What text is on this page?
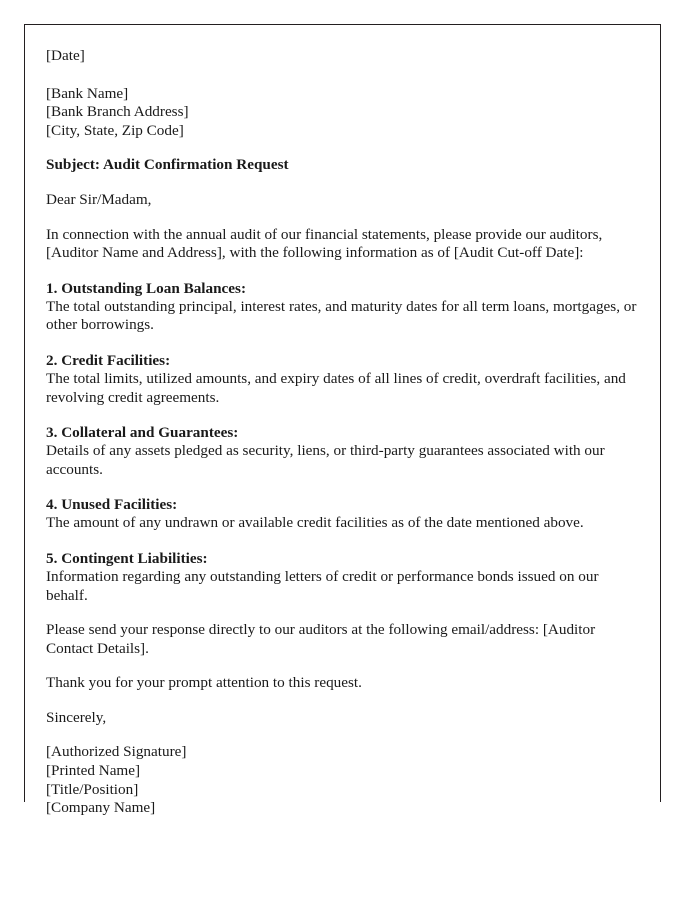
[Date]

[Bank Name]

[Bank Branch Address]

[City, State, Zip Code]

Subject: Audit Confirmation Request

Dear Sir/Madam,

In connection with the annual audit of our financial statements, please provide our auditors, [Auditor Name and Address], with the following information as of [Audit Cut-off Date]:

1. Outstanding Loan Balances:

The total outstanding principal, interest rates, and maturity dates for all term loans, mortgages, or other borrowings.

2. Credit Facilities:

The total limits, utilized amounts, and expiry dates of all lines of credit, overdraft facilities, and revolving credit agreements.

3. Collateral and Guarantees:

Details of any assets pledged as security, liens, or third-party guarantees associated with our accounts.

4. Unused Facilities:

The amount of any undrawn or available credit facilities as of the date mentioned above.

5. Contingent Liabilities:

Information regarding any outstanding letters of credit or performance bonds issued on our behalf.

Please send your response directly to our auditors at the following email/address: [Auditor Contact Details].

Thank you for your prompt attention to this request.

Sincerely,

[Authorized Signature]

[Printed Name]

[Title/Position]

[Company Name]
